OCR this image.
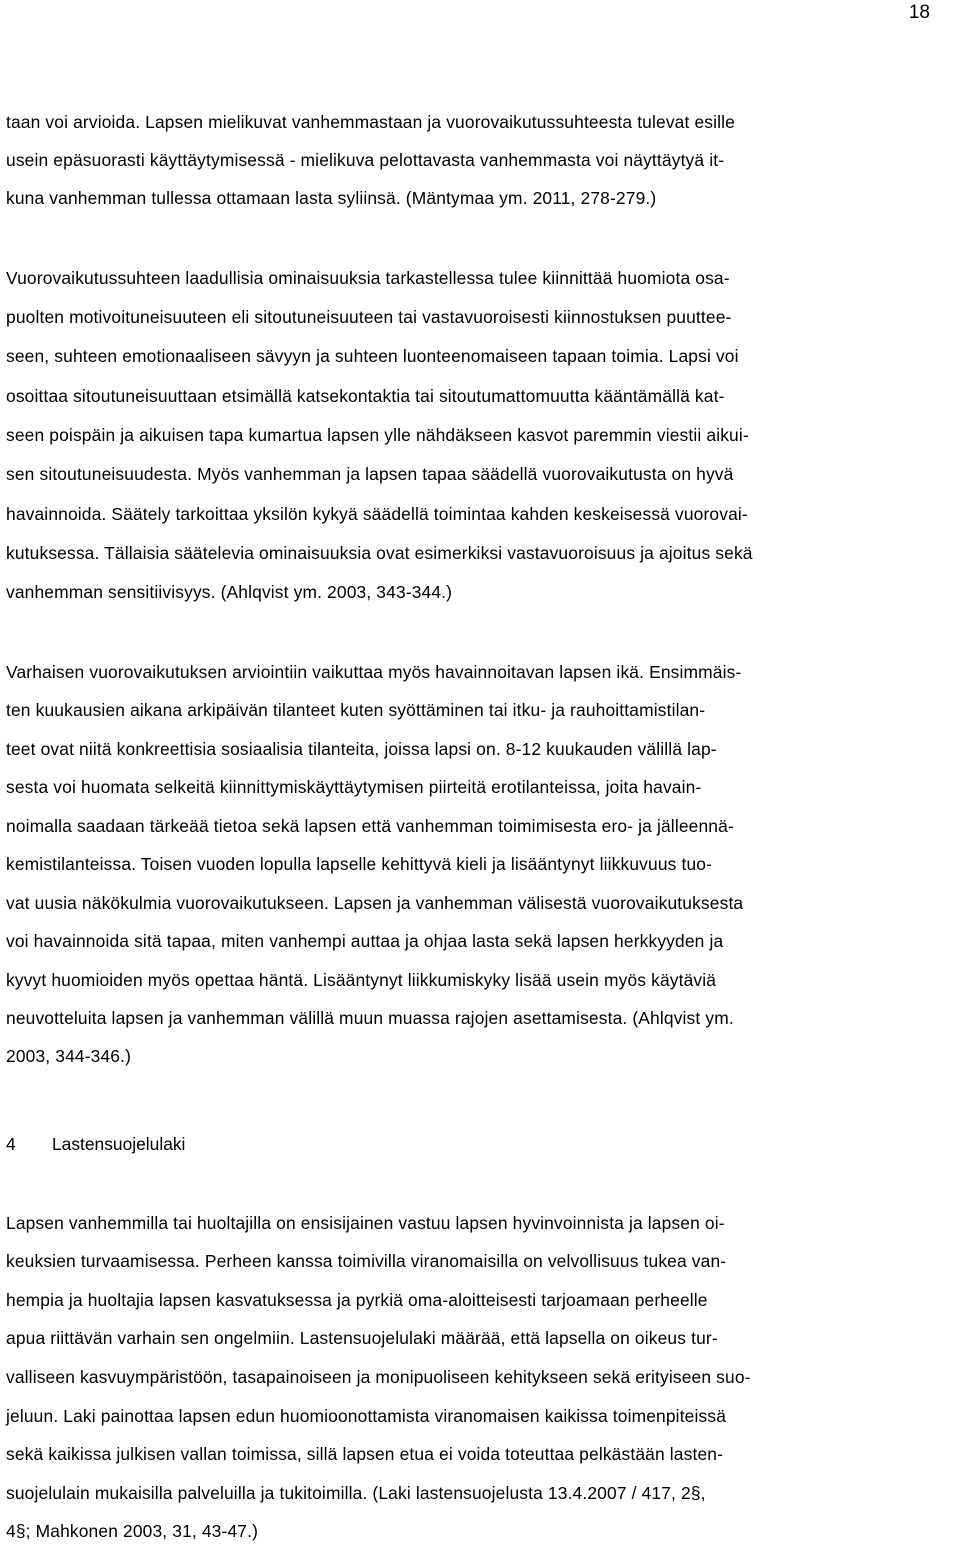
18
taan voi arvioida. Lapsen mielikuvat vanhemmastaan ja vuorovaikutussuhteesta tulevat esille
usein epäsuorasti käyttäytymisessä - mielikuva pelottavasta vanhemmasta voi näyttäytyä it-
kuna vanhemman tullessa ottamaan lasta syliinsä. (Mäntymaa ym. 2011, 278-279.)
Vuorovaikutussuhteen laadullisia ominaisuuksia tarkastellessa tulee kiinnittää huomiota osa-
puolten motivoituneisuuteen eli sitoutuneisuuteen tai vastavuoroisesti kiinnostuksen puuttee-
seen, suhteen emotionaaliseen sävyyn ja suhteen luonteenomaiseen tapaan toimia. Lapsi voi
osoittaa sitoutuneisuuttaan etsimällä katsekontaktia tai sitoutumattomuutta kääntämällä kat-
seen poispäin ja aikuisen tapa kumartua lapsen ylle nähdäkseen kasvot paremmin viestii aikui-
sen sitoutuneisuudesta. Myös vanhemman ja lapsen tapaa säädellä vuorovaikutusta on hyvä
havainnoida. Säätely tarkoittaa yksilön kykyä säädellä toimintaa kahden keskeisessä vuorovai-
kutuksessa. Tällaisia säätelevia ominaisuuksia ovat esimerkiksi vastavuoroisuus ja ajoitus sekä
vanhemman sensitiivisyys. (Ahlqvist ym. 2003, 343-344.)
Varhaisen vuorovaikutuksen arviointiin vaikuttaa myös havainnoitavan lapsen ikä. Ensimmäis-
ten kuukausien aikana arkipäivän tilanteet kuten syöttäminen tai itku- ja rauhoittamistilan-
teet ovat niitä konkreettisia sosiaalisia tilanteita, joissa lapsi on. 8-12 kuukauden välillä lap-
sesta voi huomata selkeitä kiinnittymiskäyttäytymisen piirteitä erotilanteissa, joita havain-
noimalla saadaan tärkeää tietoa sekä lapsen että vanhemman toimimisesta ero- ja jälleennä-
kemistilanteissa. Toisen vuoden lopulla lapselle kehittyvä kieli ja lisääntynyt liikkuvuus tuo-
vat uusia näkökulmia vuorovaikutukseen. Lapsen ja vanhemman välisestä vuorovaikutuksesta
voi havainnoida sitä tapaa, miten vanhempi auttaa ja ohjaa lasta sekä lapsen herkkyyden ja
kyvyt huomioiden myös opettaa häntä. Lisääntynyt liikkumiskyky lisää usein myös käytäviä
neuvotteluita lapsen ja vanhemman välillä muun muassa rajojen asettamisesta. (Ahlqvist ym.
2003, 344-346.)
4 Lastensuojelulaki
Lapsen vanhemmilla tai huoltajilla on ensisijainen vastuu lapsen hyvinvoinnista ja lapsen oi-
keuksien turvaamisessa. Perheen kanssa toimivilla viranomaisilla on velvollisuus tukea van-
hempia ja huoltajia lapsen kasvatuksessa ja pyrkiä oma-aloitteisesti tarjoamaan perheelle
apua riittävän varhain sen ongelmiin. Lastensuojelulaki määrää, että lapsella on oikeus tur-
valliseen kasvuympäristöön, tasapainoiseen ja monipuoliseen kehitykseen sekä erityiseen suo-
jeluun. Laki painottaa lapsen edun huomioonottamista viranomaisen kaikissa toimenpiteissä
sekä kaikissa julkisen vallan toimissa, sillä lapsen etua ei voida toteuttaa pelkästään lasten-
suojelulain mukaisilla palveluilla ja tukitoimilla. (Laki lastensuojelusta 13.4.2007 / 417, 2§,
4§; Mahkonen 2003, 31, 43-47.)
